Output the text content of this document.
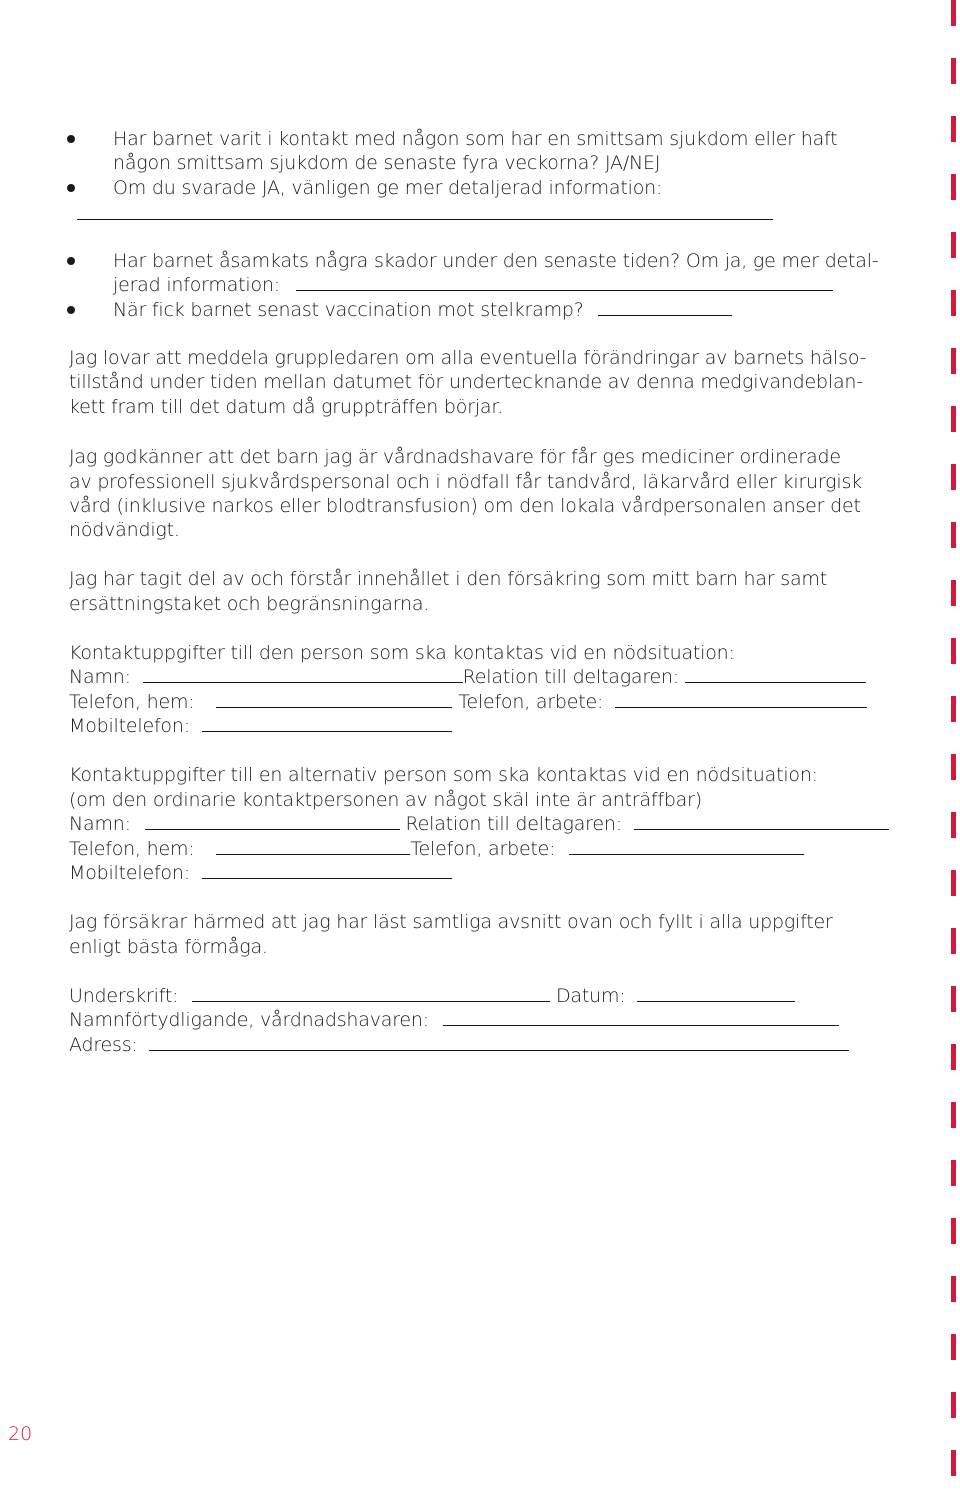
Har barnet varit i kontakt med någon som har en smittsam sjukdom eller haft
någon smittsam sjukdom de senaste fyra veckorna? JA/NEJ
Om du svarade JA, vänligen ge mer detaljerad information:
Har barnet åsamkats några skador under den senaste tiden? Om ja, ge mer detal-
jerad information:
När fick barnet senast vaccination mot stelkramp?
Jag lovar att meddela gruppledaren om alla eventuella förändringar av barnets hälso-
tillstånd under tiden mellan datumet för undertecknande av denna medgivandeblan-
kett fram till det datum då gruppträffen börjar.
Jag godkänner att det barn jag är vårdnadshavare för får ges mediciner ordinerade
av professionell sjukvårdspersonal och i nödfall får tandvård, läkarvård eller kirurgisk
vård (inklusive narkos eller blodtransfusion) om den lokala vårdpersonalen anser det
nödvändigt.
Jag har tagit del av och förstår innehållet i den försäkring som mitt barn har samt
ersättningstaket och begränsningarna.
Kontaktuppgifter till den person som ska kontaktas vid en nödsituation:
Namn:	Relation till deltagaren:
Telefon, hem:	Telefon, arbete:
Mobiltelefon:
Kontaktuppgifter till en alternativ person som ska kontaktas vid en nödsituation:
(om den ordinarie kontaktpersonen av något skäl inte är anträffbar)
Namn:	Relation till deltagaren:
Telefon, hem:	Telefon, arbete:
Mobiltelefon:
Jag försäkrar härmed att jag har läst samtliga avsnitt ovan och fyllt i alla uppgifter
enligt bästa förmåga.
Underskrift:	Datum:
Namnförtydligande, vårdnadshavaren:
Adress:
20
